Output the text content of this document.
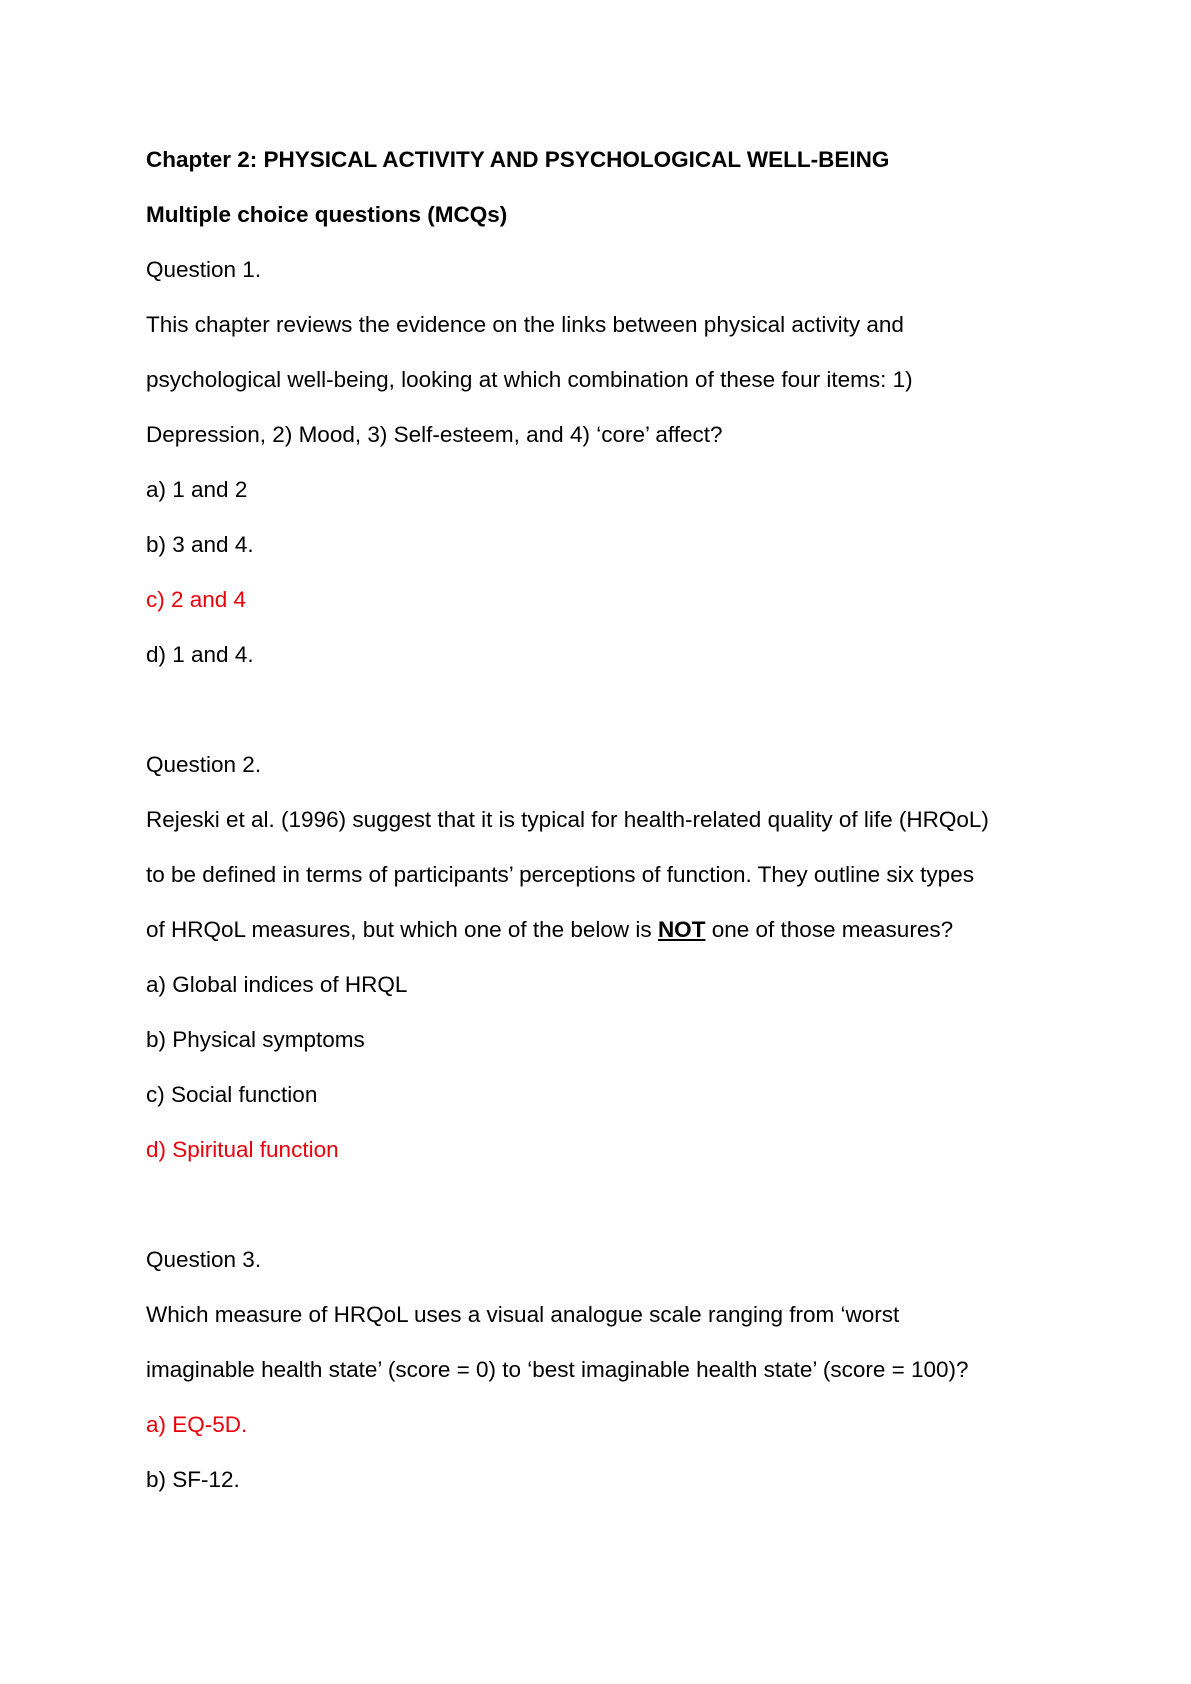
Chapter 2: PHYSICAL ACTIVITY AND PSYCHOLOGICAL WELL-BEING
Multiple choice questions (MCQs)
Question 1.
This chapter reviews the evidence on the links between physical activity and
psychological well-being, looking at which combination of these four items: 1)
Depression, 2) Mood, 3) Self-esteem, and 4) ‘core’ affect?
a) 1 and 2
b) 3 and 4.
c) 2 and 4
d) 1 and 4.
Question 2.
Rejeski et al. (1996) suggest that it is typical for health-related quality of life (HRQoL)
to be defined in terms of participants’ perceptions of function. They outline six types
of HRQoL measures, but which one of the below is NOT one of those measures?
a) Global indices of HRQL
b) Physical symptoms
c) Social function
d) Spiritual function
Question 3.
Which measure of HRQoL uses a visual analogue scale ranging from ‘worst
imaginable health state’ (score = 0) to ‘best imaginable health state’ (score = 100)?
a) EQ-5D.
b) SF-12.
